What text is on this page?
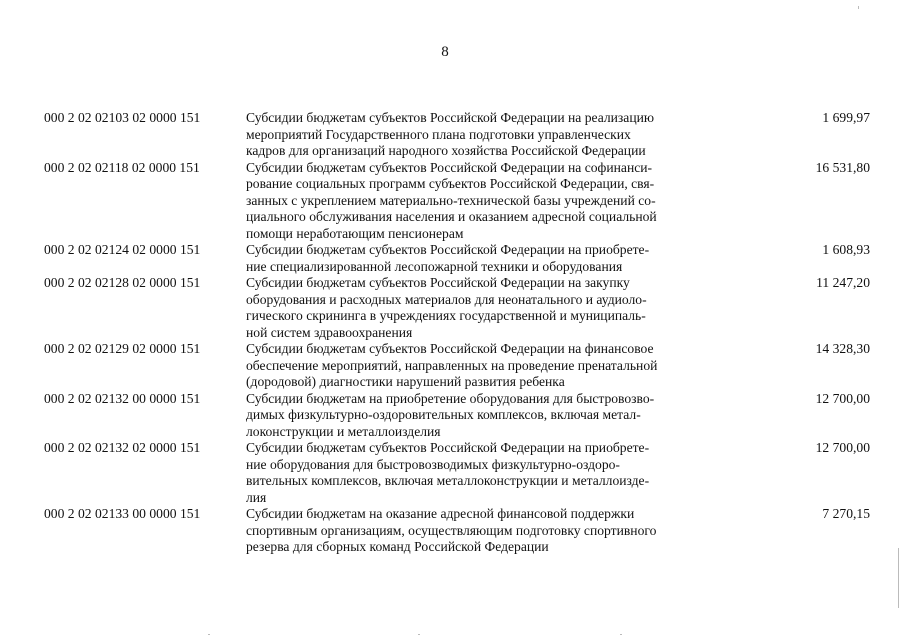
8
000 2 02 02103 02 0000 151	Субсидии бюджетам субъектов Российской Федерации на реализацию
мероприятий Государственного плана подготовки управленческих
кадров для организаций народного хозяйства Российской Федерации
1 699,97
000 2 02 02118 02 0000 151	Субсидии бюджетам субъектов Российской Федерации на софинанси-
рование социальных программ субъектов Российской Федерации, свя-
занных с укреплением материально-технической базы учреждений со-
циального обслуживания населения и оказанием адресной социальной
помощи неработающим пенсионерам
16 531,80
000 2 02 02124 02 0000 151	Субсидии бюджетам субъектов Российской Федерации на приобрете-
ние специализированной лесопожарной техники и оборудования
1 608,93
000 2 02 02128 02 0000 151	Субсидии бюджетам субъектов Российской Федерации на закупку
оборудования и расходных материалов для неонатального и аудиоло-
гического скрининга в учреждениях государственной и муниципаль-
ной систем здравоохранения
11 247,20
000 2 02 02129 02 0000 151	Субсидии бюджетам субъектов Российской Федерации на финансовое
обеспечение мероприятий, направленных на проведение пренатальной
(дородовой) диагностики нарушений развития ребенка
14 328,30
000 2 02 02132 00 0000 151	Субсидии бюджетам на приобретение оборудования для быстровозво-
димых физкультурно-оздоровительных комплексов, включая метал-
локонструкции и металлоизделия
12 700,00
000 2 02 02132 02 0000 151	Субсидии бюджетам субъектов Российской Федерации на приобрете-
ние оборудования для быстровозводимых физкультурно-оздоро-
вительных комплексов, включая металлоконструкции и металлоизде-
лия
12 700,00
000 2 02 02133 00 0000 151	Субсидии бюджетам на оказание адресной финансовой поддержки
спортивным организациям, осуществляющим подготовку спортивного
резерва для сборных команд Российской Федерации
7 270,15
